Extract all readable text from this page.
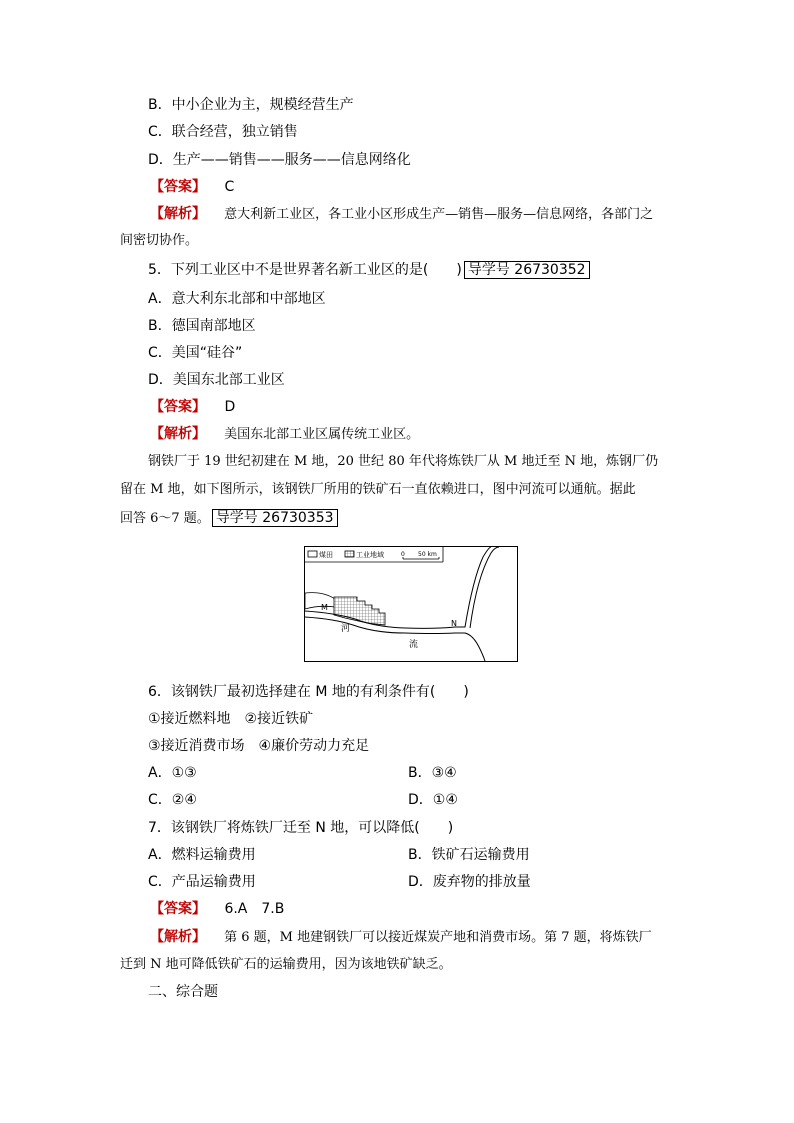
B．中小企业为主，规模经营生产
C．联合经营，独立销售
D．生产——销售——服务——信息网络化
【答案】 C
【解析】 意大利新工业区，各工业小区形成生产—销售—服务—信息网络，各部门之
间密切协作。
5．下列工业区中不是世界著名新工业区的是(　　) 导学号 26730352
A．意大利东北部和中部地区
B．德国南部地区
C．美国“硅谷”
D．美国东北部工业区
【答案】 D
【解析】 美国东北部工业区属传统工业区。
钢铁厂于 19 世纪初建在 M 地，20 世纪 80 年代将炼铁厂从 M 地迁至 N 地，炼钢厂仍
留在 M 地，如下图所示，该钢铁厂所用的铁矿石一直依赖进口，图中河流可以通航。据此
回答 6～7 题。 导学号 26730353
煤田	工业地域	0 50 km
M
N
河
流
6．该钢铁厂最初选择建在 M 地的有利条件有(　　)
①接近燃料地　②接近铁矿
③接近消费市场　④廉价劳动力充足
A．①③	B．③④
C．②④	D．①④
7．该钢铁厂将炼铁厂迁至 N 地，可以降低(　　)
A．燃料运输费用	B．铁矿石运输费用
C．产品运输费用	D．废弃物的排放量
【答案】 6.A　7.B
【解析】 第 6 题，M 地建钢铁厂可以接近煤炭产地和消费市场。第 7 题，将炼铁厂
迁到 N 地可降低铁矿石的运输费用，因为该地铁矿缺乏。
二、综合题
